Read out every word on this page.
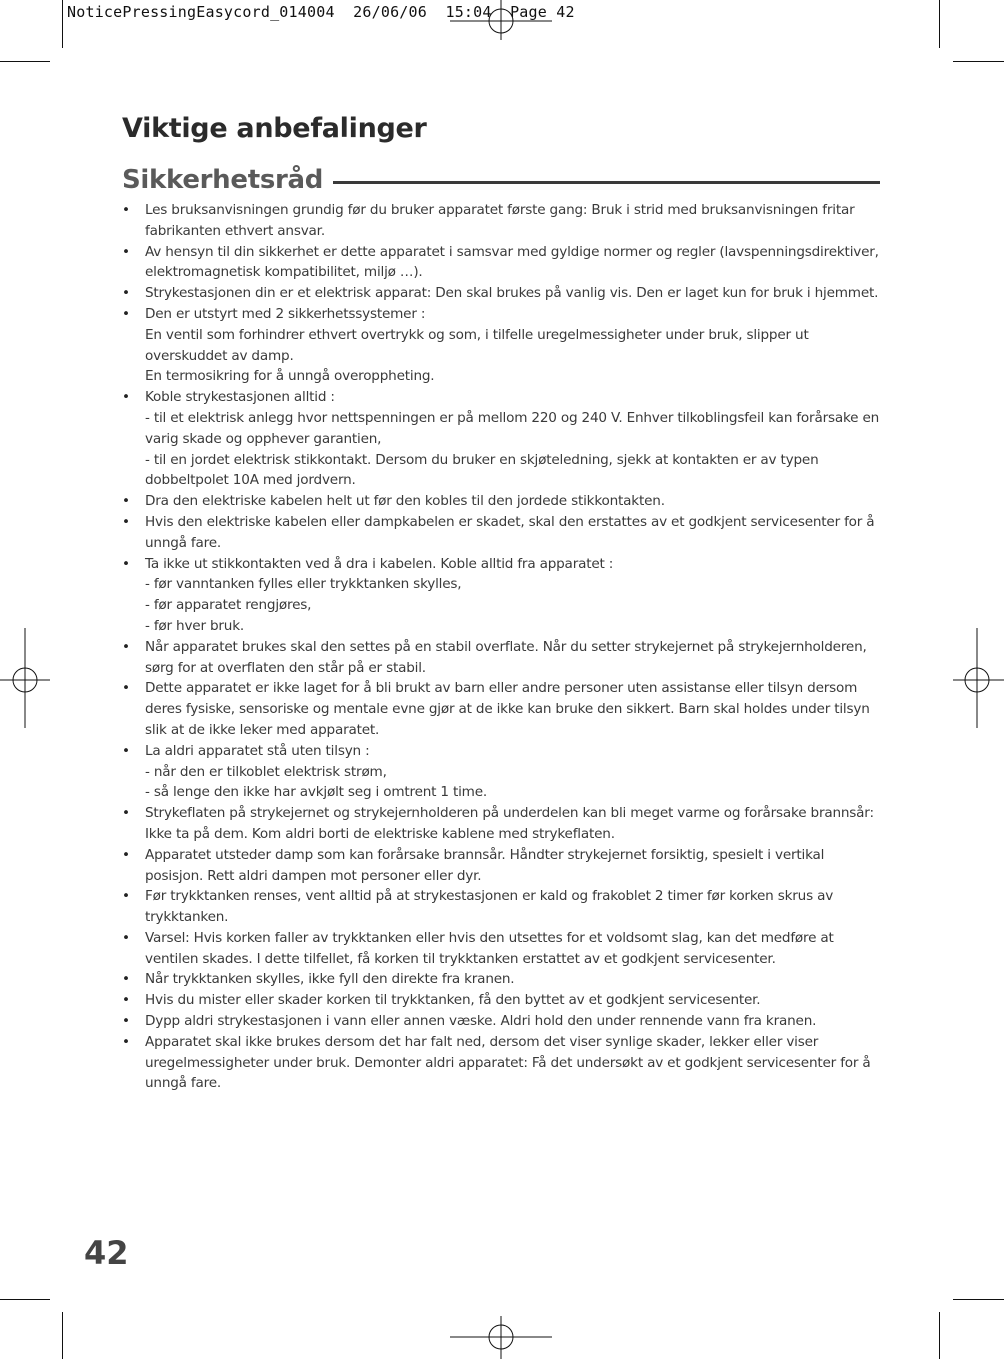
NoticePressingEasycord_014004  26/06/06  15:04  Page 42
Viktige anbefalinger
Sikkerhetsråd
• Les bruksanvisningen grundig før du bruker apparatet første gang: Bruk i strid med bruksanvisningen fritar fabrikanten ethvert ansvar.
• Av hensyn til din sikkerhet er dette apparatet i samsvar med gyldige normer og regler (lavspenningsdirektiver, elektromagnetisk kompatibilitet, miljø …).
• Strykestasjonen din er et elektrisk apparat: Den skal brukes på vanlig vis. Den er laget kun for bruk i hjemmet.
• Den er utstyrt med 2 sikkerhetssystemer :
En ventil som forhindrer ethvert overtrykk og som, i tilfelle uregelmessigheter under bruk, slipper ut overskuddet av damp.
En termosikring for å unngå overoppheting.
• Koble strykestasjonen alltid :
- til et elektrisk anlegg hvor nettspenningen er på mellom 220 og 240 V. Enhver tilkoblingsfeil kan forårsake en varig skade og opphever garantien,
- til en jordet elektrisk stikkontakt. Dersom du bruker en skjøteledning, sjekk at kontakten er av typen dobbeltpolet 10A med jordvern.
• Dra den elektriske kabelen helt ut før den kobles til den jordede stikkontakten.
• Hvis den elektriske kabelen eller dampkabelen er skadet, skal den erstattes av et godkjent servicesenter for å unngå fare.
• Ta ikke ut stikkontakten ved å dra i kabelen. Koble alltid fra apparatet :
- før vanntanken fylles eller trykktanken skylles,
- før apparatet rengjøres,
- før hver bruk.
• Når apparatet brukes skal den settes på en stabil overflate. Når du setter strykejernet på strykejernholderen, sørg for at overflaten den står på er stabil.
• Dette apparatet er ikke laget for å bli brukt av barn eller andre personer uten assistanse eller tilsyn dersom deres fysiske, sensoriske og mentale evne gjør at de ikke kan bruke den sikkert. Barn skal holdes under tilsyn slik at de ikke leker med apparatet.
• La aldri apparatet stå uten tilsyn :
- når den er tilkoblet elektrisk strøm,
- så lenge den ikke har avkjølt seg i omtrent 1 time.
• Strykeflaten på strykejernet og strykejernholderen på underdelen kan bli meget varme og forårsake brannsår: Ikke ta på dem. Kom aldri borti de elektriske kablene med strykeflaten.
• Apparatet utsteder damp som kan forårsake brannsår. Håndter strykejernet forsiktig, spesielt i vertikal posisjon. Rett aldri dampen mot personer eller dyr.
• Før trykktanken renses, vent alltid på at strykestasjonen er kald og frakoblet 2 timer før korken skrus av trykktanken.
• Varsel: Hvis korken faller av trykktanken eller hvis den utsettes for et voldsomt slag, kan det medføre at ventilen skades. I dette tilfellet, få korken til trykktanken erstattet av et godkjent servicesenter.
• Når trykktanken skylles, ikke fyll den direkte fra kranen.
• Hvis du mister eller skader korken til trykktanken, få den byttet av et godkjent servicesenter.
• Dypp aldri strykestasjonen i vann eller annen væske. Aldri hold den under rennende vann fra kranen.
• Apparatet skal ikke brukes dersom det har falt ned, dersom det viser synlige skader, lekker eller viser uregelmessigheter under bruk. Demonter aldri apparatet: Få det undersøkt av et godkjent servicesenter for å unngå fare.
42
